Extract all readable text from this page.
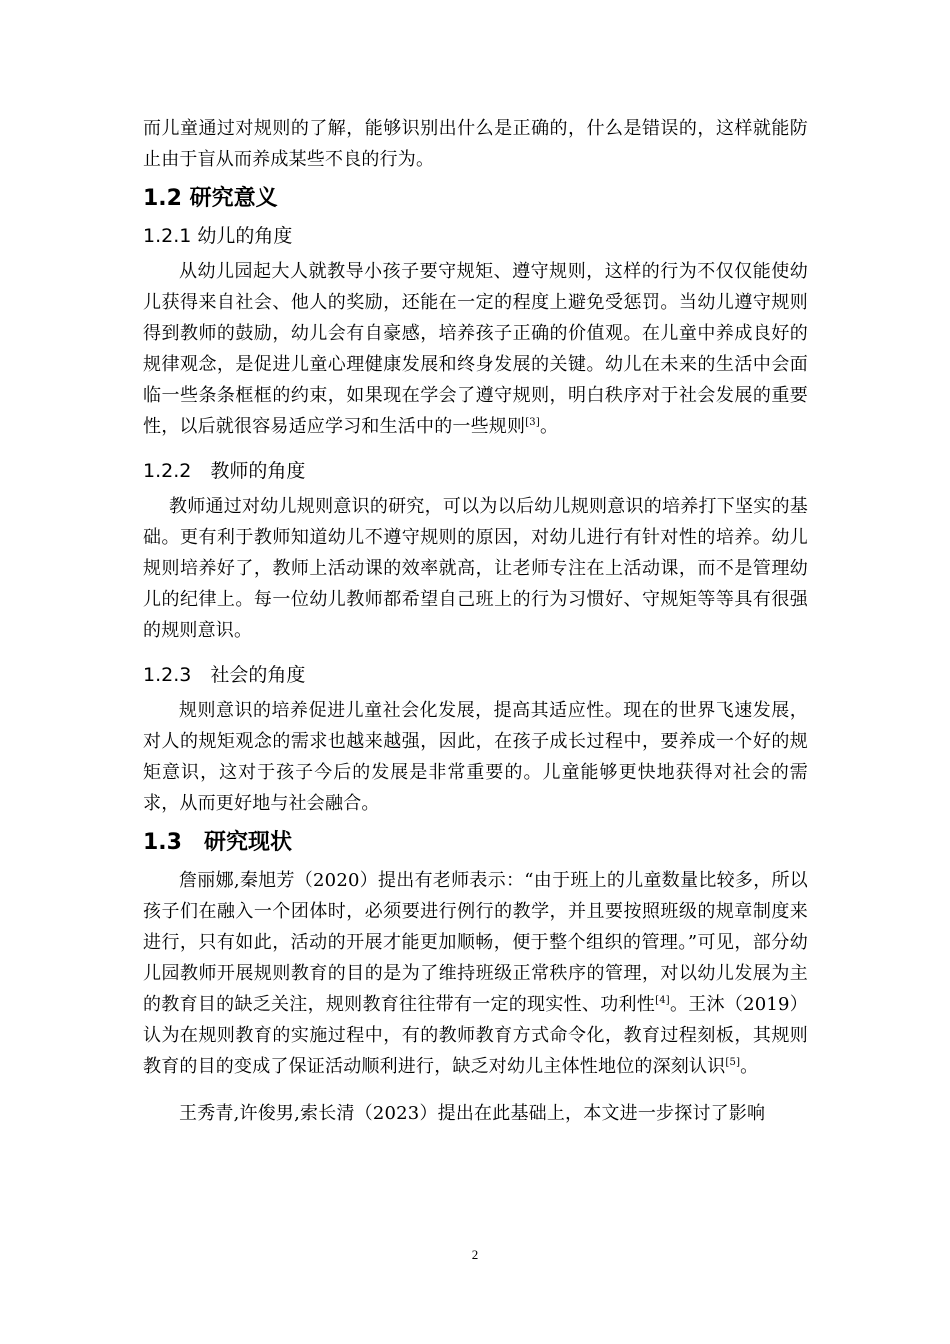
而儿童通过对规则的了解，能够识别出什么是正确的，什么是错误的，这样就能防止由于盲从而养成某些不良的行为。

1.2 研究意义
1.2.1 幼儿的角度

从幼儿园起大人就教导小孩子要守规矩、遵守规则，这样的行为不仅仅能使幼儿获得来自社会、他人的奖励，还能在一定的程度上避免受惩罚。当幼儿遵守规则得到教师的鼓励，幼儿会有自豪感，培养孩子正确的价值观。在儿童中养成良好的规律观念，是促进儿童心理健康发展和终身发展的关键。幼儿在未来的生活中会面临一些条条框框的约束，如果现在学会了遵守规则，明白秩序对于社会发展的重要性，以后就很容易适应学习和生活中的一些规则[3]。

1.2.2　教师的角度

教师通过对幼儿规则意识的研究，可以为以后幼儿规则意识的培养打下坚实的基础。更有利于教师知道幼儿不遵守规则的原因，对幼儿进行有针对性的培养。幼儿规则培养好了，教师上活动课的效率就高，让老师专注在上活动课，而不是管理幼儿的纪律上。每一位幼儿教师都希望自己班上的行为习惯好、守规矩等等具有很强的规则意识。

1.2.3　社会的角度

规则意识的培养促进儿童社会化发展，提高其适应性。现在的世界飞速发展，对人的规矩观念的需求也越来越强，因此，在孩子成长过程中，要养成一个好的规矩意识，这对于孩子今后的发展是非常重要的。儿童能够更快地获得对社会的需求，从而更好地与社会融合。

1.3　研究现状

詹丽娜,秦旭芳（2020）提出有老师表示：“由于班上的儿童数量比较多，所以孩子们在融入一个团体时，必须要进行例行的教学，并且要按照班级的规章制度来进行，只有如此，活动的开展才能更加顺畅，便于整个组织的管理。”可见，部分幼儿园教师开展规则教育的目的是为了维持班级正常秩序的管理，对以幼儿发展为主的教育目的缺乏关注，规则教育往往带有一定的现实性、功利性[4]。王沐（2019）认为在规则教育的实施过程中，有的教师教育方式命令化，教育过程刻板，其规则教育的目的变成了保证活动顺利进行，缺乏对幼儿主体性地位的深刻认识[5]。

王秀青,许俊男,索长清（2023）提出在此基础上，本文进一步探讨了影响

2
